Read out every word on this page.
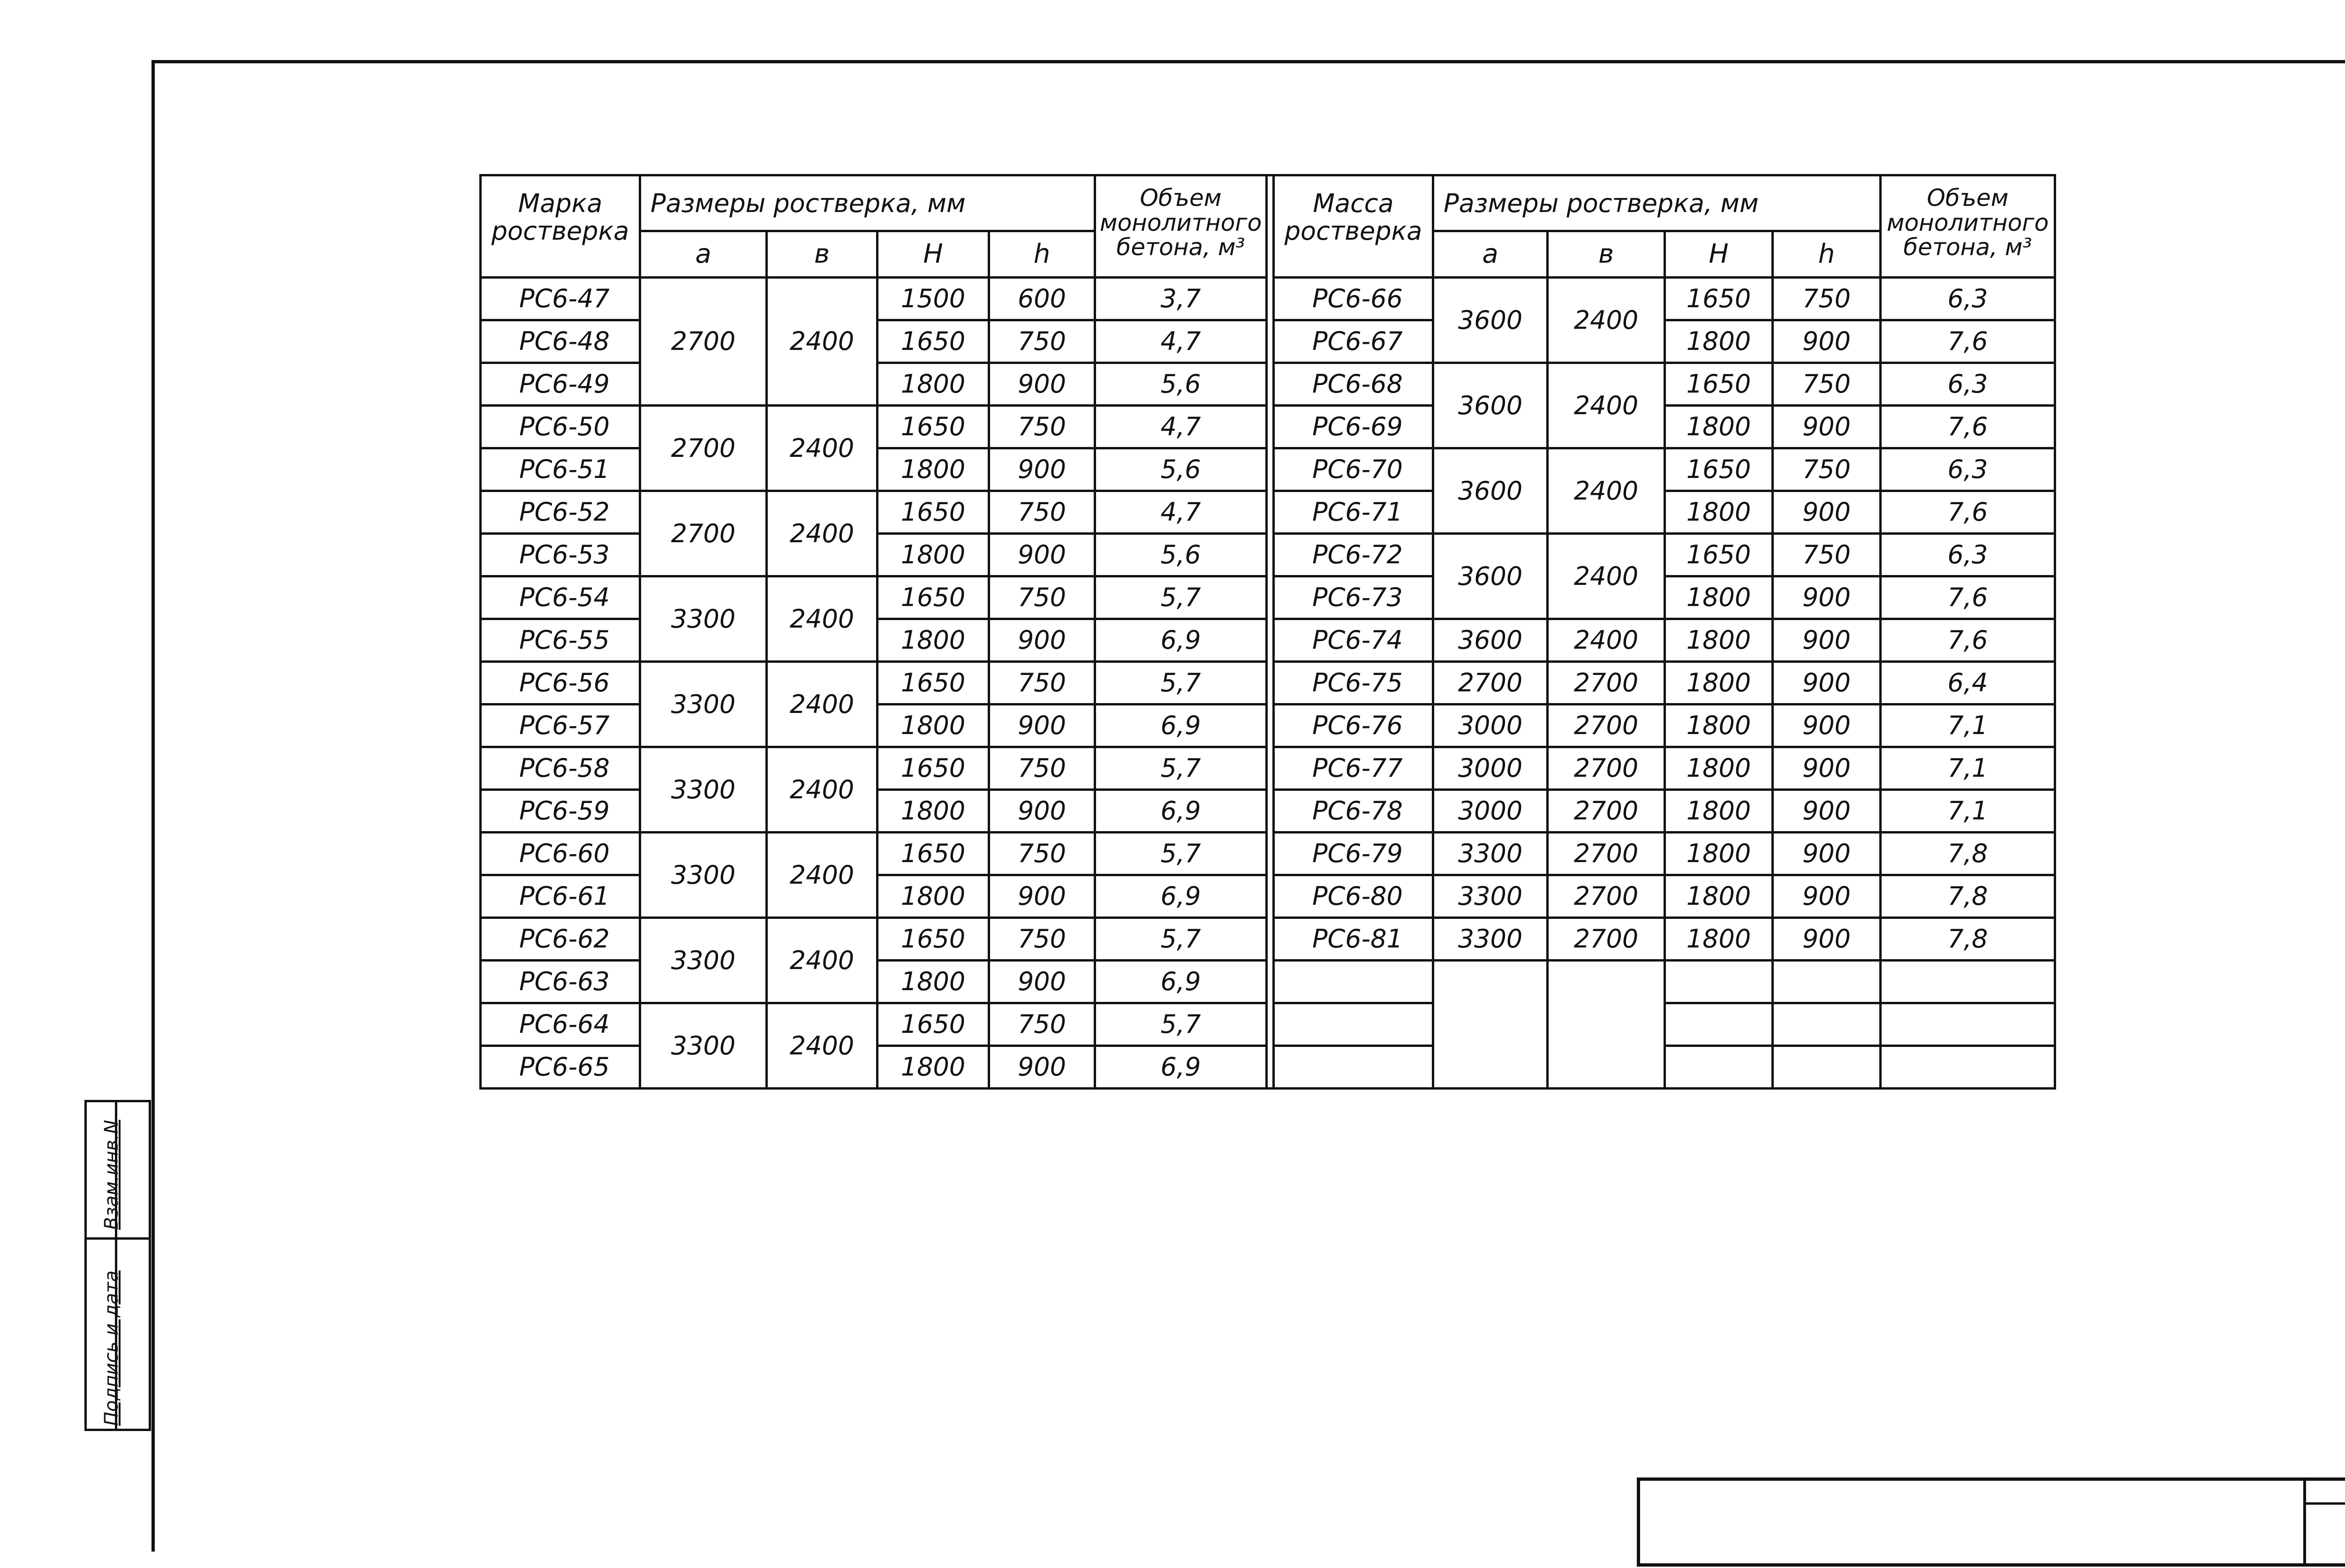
Взам.инв.N
Подпись и дата
Марка ростверка	Размеры ростверка, мм				Объем монолитного бетона, м³		Масса ростверка	Размеры ростверка, мм				Объем монолитного бетона, м³
	а	в	Н	h				а	в	Н	h	
РС6-47	2700	2400	1500	600	3,7		РС6-66	3600	2400	1650	750	6,3
РС6-48			1650	750	4,7		РС6-67			1800	900	7,6
РС6-49			1800	900	5,6		РС6-68	3600	2400	1650	750	6,3
РС6-50	2700	2400	1650	750	4,7		РС6-69			1800	900	7,6
РС6-51			1800	900	5,6		РС6-70	3600	2400	1650	750	6,3
РС6-52	2700	2400	1650	750	4,7		РС6-71			1800	900	7,6
РС6-53			1800	900	5,6		РС6-72	3600	2400	1650	750	6,3
РС6-54	3300	2400	1650	750	5,7		РС6-73			1800	900	7,6
РС6-55			1800	900	6,9		РС6-74	3600	2400	1800	900	7,6
РС6-56	3300	2400	1650	750	5,7		РС6-75	2700	2700	1800	900	6,4
РС6-57			1800	900	6,9		РС6-76	3000	2700	1800	900	7,1
РС6-58	3300	2400	1650	750	5,7		РС6-77	3000	2700	1800	900	7,1
РС6-59			1800	900	6,9		РС6-78	3000	2700	1800	900	7,1
РС6-60	3300	2400	1650	750	5,7		РС6-79	3300	2700	1800	900	7,8
РС6-61			1800	900	6,9		РС6-80	3300	2700	1800	900	7,8
РС6-62	3300	2400	1650	750	5,7		РС6-81	3300	2700	1800	900	7,8
РС6-63			1800	900	6,9							
РС6-64	3300	2400	1650	750	5,7							
РС6-65			1800	900	6,9							
